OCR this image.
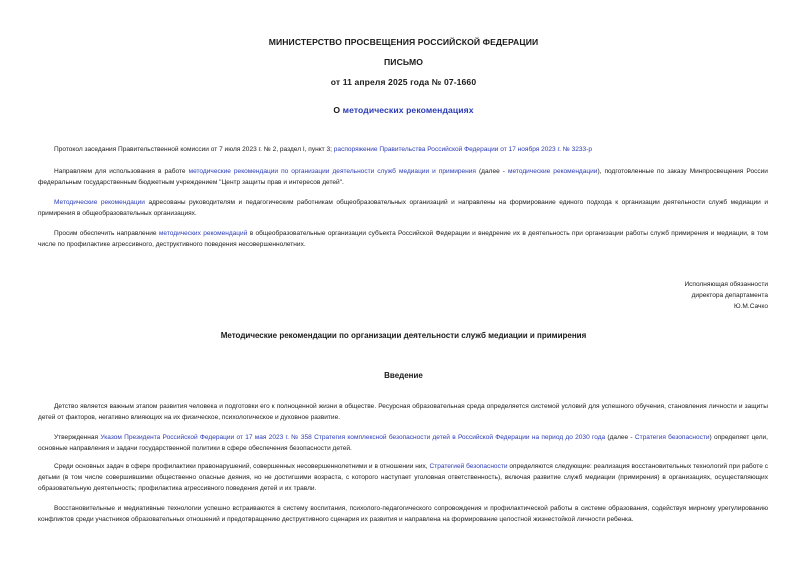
МИНИСТЕРСТВО ПРОСВЕЩЕНИЯ РОССИЙСКОЙ ФЕДЕРАЦИИ
ПИСЬМО
от 11 апреля 2025 года № 07-1660
О методических рекомендациях
Протокол заседания Правительственной комиссии от 7 июля 2023 г. № 2, раздел I, пункт 3; распоряжение Правительства Российской Федерации от 17 ноября 2023 г. № 3233-р
Направляем для использования в работе методические рекомендации по организации деятельности служб медиации и примирения (далее - методические рекомендации), подготовленные по заказу Минпросвещения России федеральным государственным бюджетным учреждением "Центр защиты прав и интересов детей".
Методические рекомендации адресованы руководителям и педагогическим работникам общеобразовательных организаций и направлены на формирование единого подхода к организации деятельности служб медиации и примирения в общеобразовательных организациях.
Просим обеспечить направление методических рекомендаций в общеобразовательные организации субъекта Российской Федерации и внедрение их в деятельность при организации работы служб примирения и медиации, в том числе по профилактике агрессивного, деструктивного поведения несовершеннолетних.
Исполняющая обязанности
директора департамента
Ю.М.Сачко
Методические рекомендации по организации деятельности служб медиации и примирения
Введение
Детство является важным этапом развития человека и подготовки его к полноценной жизни в обществе. Ресурсная образовательная среда определяется системой условий для успешного обучения, становления личности и защиты детей от факторов, негативно влияющих на их физическое, психологическое и духовное развитие.
Утвержденная Указом Президента Российской Федерации от 17 мая 2023 г. № 358 Стратегия комплексной безопасности детей в Российской Федерации на период до 2030 года (далее - Стратегия безопасности) определяет цели, основные направления и задачи государственной политики в сфере обеспечения безопасности детей.
Среди основных задач в сфере профилактики правонарушений, совершенных несовершеннолетними и в отношении них, Стратегией безопасности определяются следующие: реализация восстановительных технологий при работе с детьми (в том числе совершившими общественно опасные деяния, но не достигшими возраста, с которого наступает уголовная ответственность), включая развитие служб медиации (примирения) в организациях, осуществляющих образовательную деятельность; профилактика агрессивного поведения детей и их травли.
Восстановительные и медиативные технологии успешно встраиваются в систему воспитания, психолого-педагогического сопровождения и профилактической работы в системе образования, содействуя мирному урегулированию конфликтов среди участников образовательных отношений и предотвращению деструктивного сценария их развития и направлена на формирование целостной жизнестойкой личности ребенка.
